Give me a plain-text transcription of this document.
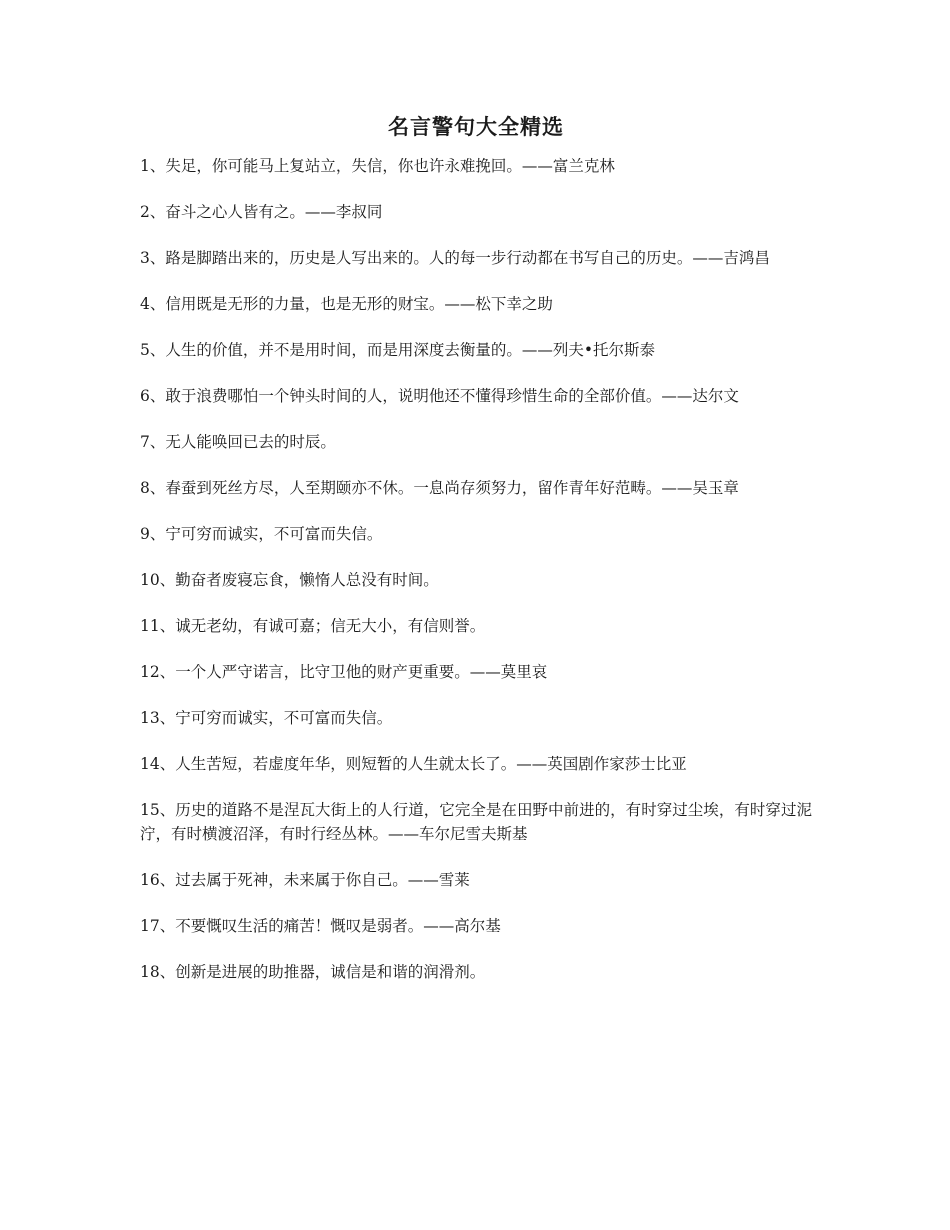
名言警句大全精选
1、失足，你可能马上复站立，失信，你也许永难挽回。——富兰克林
2、奋斗之心人皆有之。——李叔同
3、路是脚踏出来的，历史是人写出来的。人的每一步行动都在书写自己的历史。——吉鸿昌
4、信用既是无形的力量，也是无形的财宝。——松下幸之助
5、人生的价值，并不是用时间，而是用深度去衡量的。——列夫•托尔斯泰
6、敢于浪费哪怕一个钟头时间的人，说明他还不懂得珍惜生命的全部价值。——达尔文
7、无人能唤回已去的时辰。
8、春蚕到死丝方尽，人至期颐亦不休。一息尚存须努力，留作青年好范畴。——吴玉章
9、宁可穷而诚实，不可富而失信。
10、勤奋者废寝忘食，懒惰人总没有时间。
11、诚无老幼，有诚可嘉；信无大小，有信则誉。
12、一个人严守诺言，比守卫他的财产更重要。——莫里哀
13、宁可穷而诚实，不可富而失信。
14、人生苦短，若虚度年华，则短暂的人生就太长了。——英国剧作家莎士比亚
15、历史的道路不是涅瓦大街上的人行道，它完全是在田野中前进的，有时穿过尘埃，有时穿过泥泞，有时横渡沼泽，有时行经丛林。——车尔尼雪夫斯基
16、过去属于死神，未来属于你自己。——雪莱
17、不要慨叹生活的痛苦！慨叹是弱者。——高尔基
18、创新是进展的助推器，诚信是和谐的润滑剂。
